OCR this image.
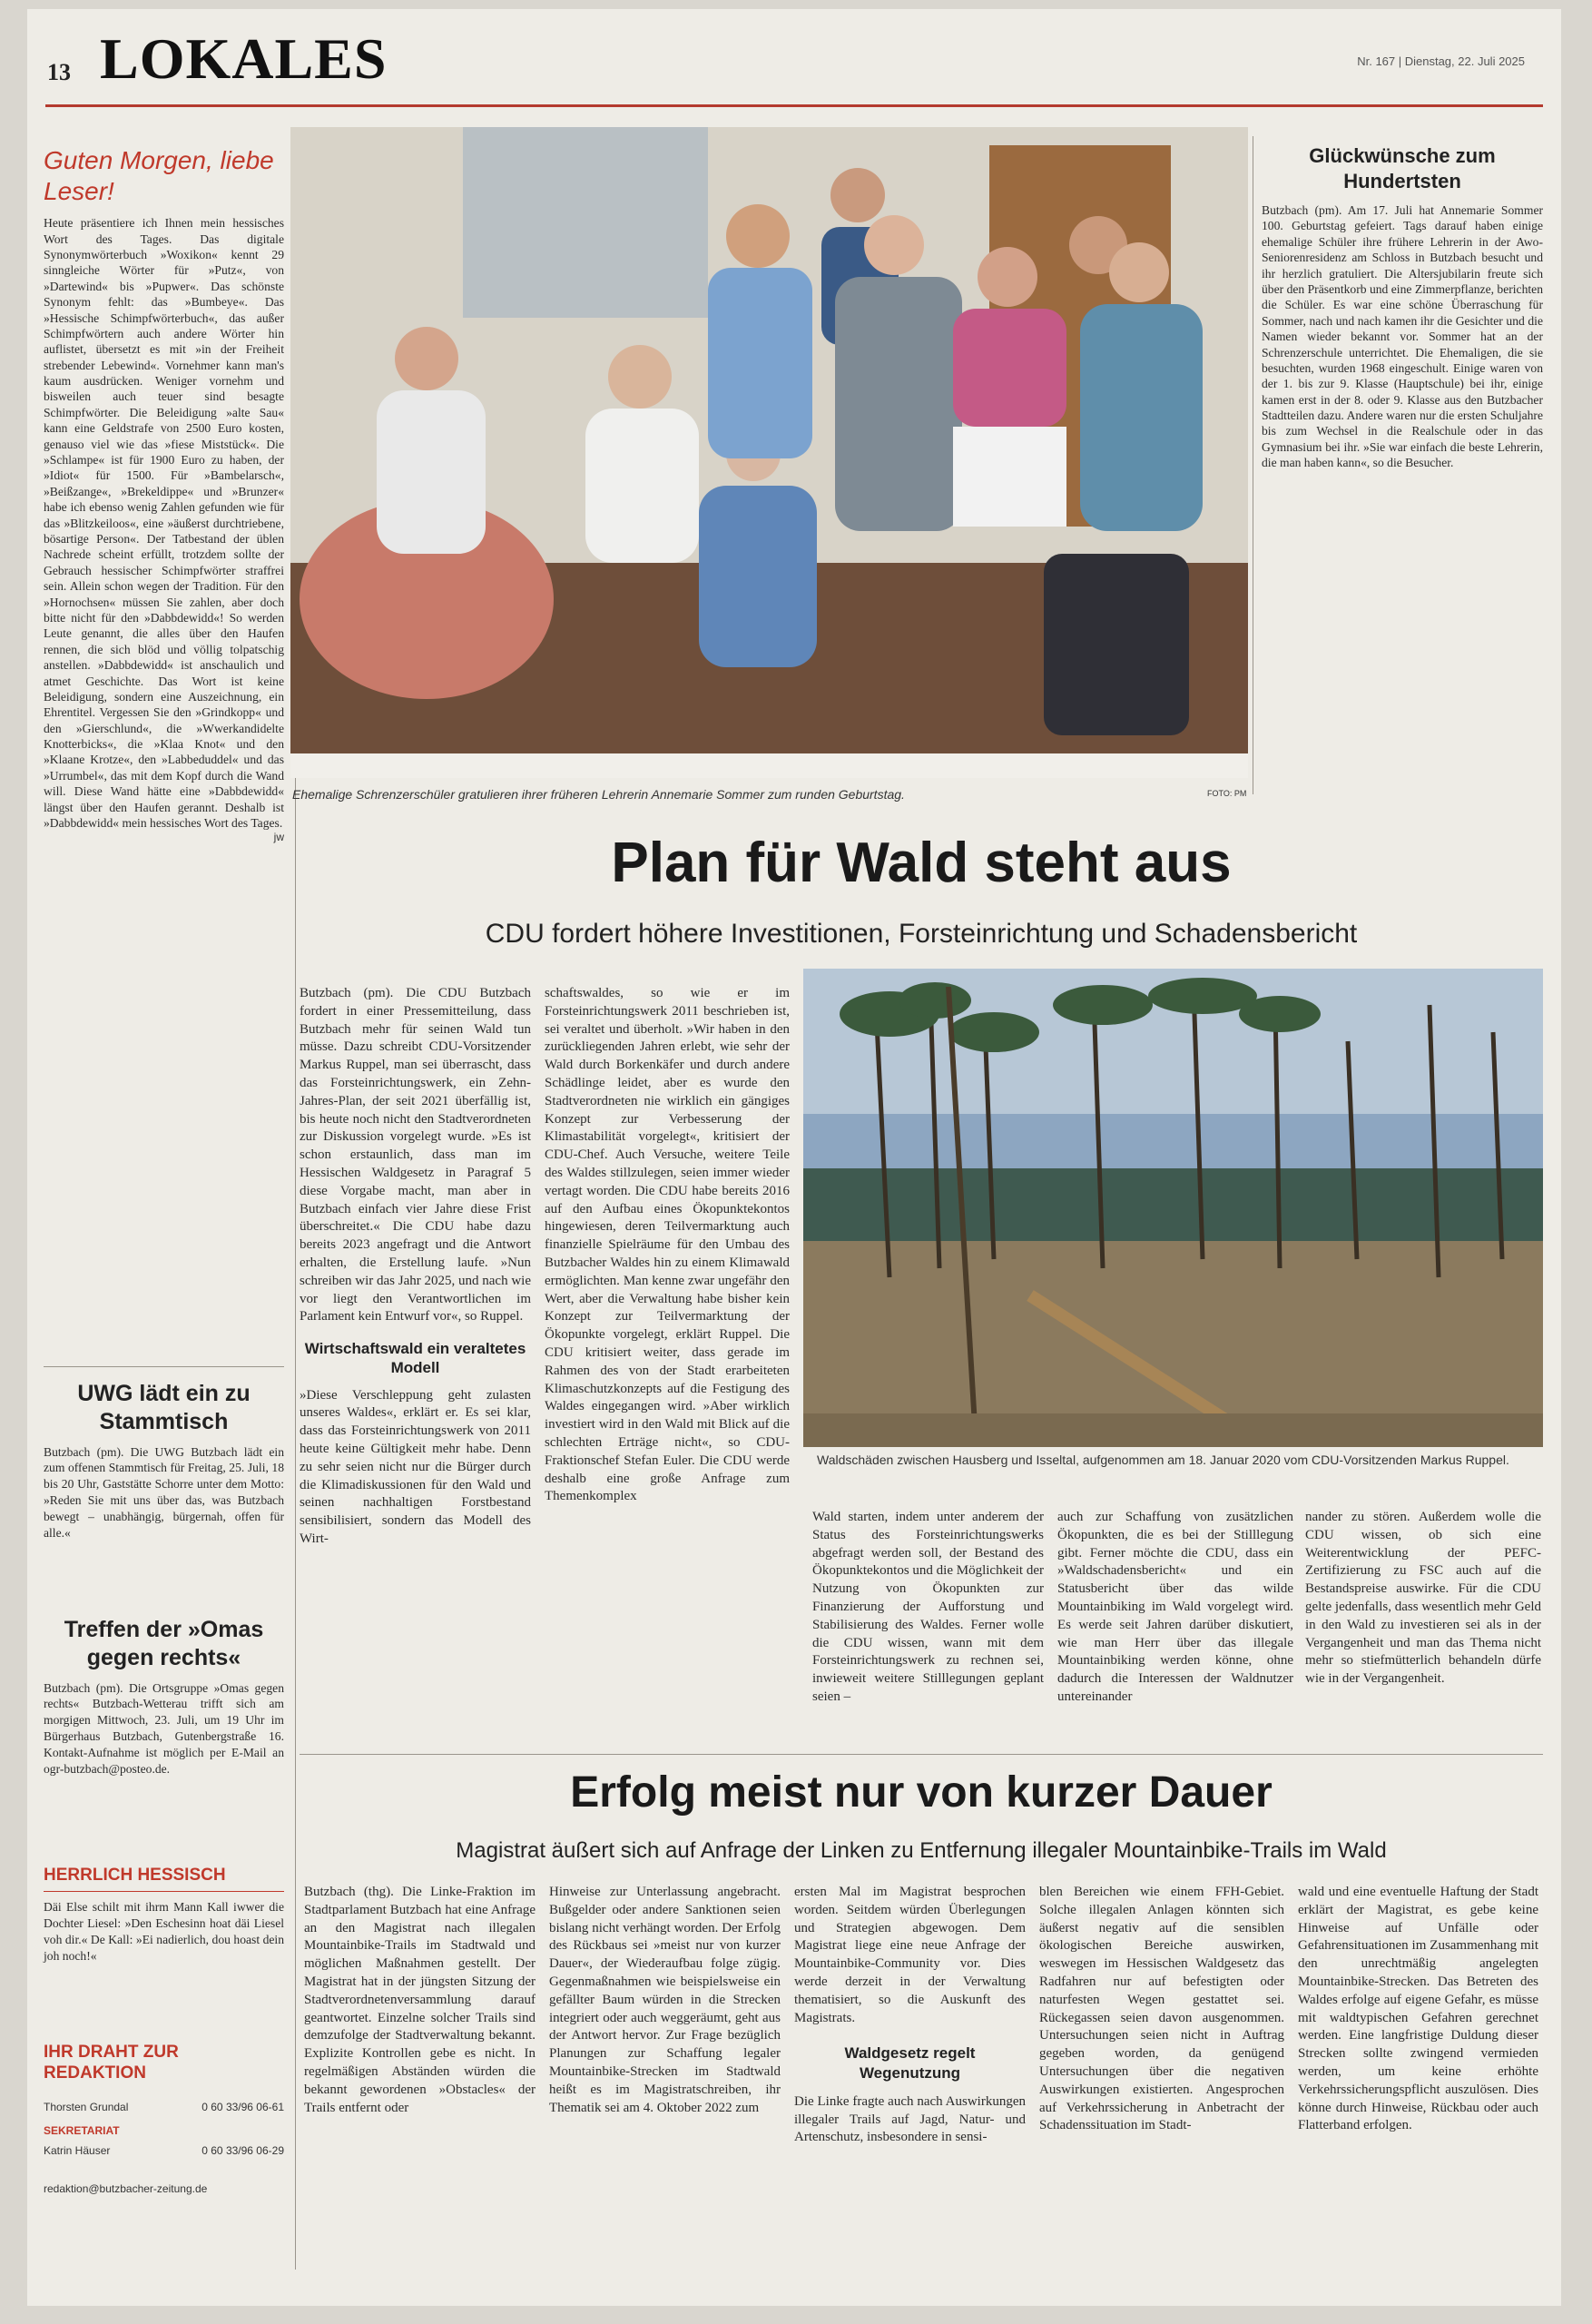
13 LOKALES	Nr. 167 | Dienstag, 22. Juli 2025
Guten Morgen, liebe Leser!

Heute präsentiere ich Ihnen mein hessisches Wort des Tages. Das digitale Synonymwörterbuch »Woxikon« kennt 29 sinngleiche Wörter für »Putz«, von »Dartewind« bis »Pupwer«. Das schönste Synonym fehlt: das »Bumbeye«. Das »Hessische Schimpfwörterbuch«, das außer Schimpfwörtern auch andere Wörter hin auflistet, übersetzt es mit »in der Freiheit strebender Lebewind«. Vornehmer kann man's kaum ausdrücken. Weniger vornehm und bisweilen auch teuer sind besagte Schimpfwörter. Die Beleidigung »alte Sau« kann eine Geldstrafe von 2500 Euro kosten, genauso viel wie das »fiese Miststück«. Die »Schlampe« ist für 1900 Euro zu haben, der »Idiot« für 1500. Für »Bambelarsch«, »Beißzange«, »Brekeldippe« und »Brunzer« habe ich ebenso wenig Zahlen gefunden wie für das »Blitzkeiloos«, eine »äußerst durchtriebene, bösartige Person«. Der Tatbestand der üblen Nachrede scheint erfüllt, trotzdem sollte der Gebrauch hessischer Schimpfwörter straffrei sein. Allein schon wegen der Tradition. Für den »Hornochsen« müssen Sie zahlen, aber doch bitte nicht für den »Dabbdewidd«! So werden Leute genannt, die alles über den Haufen rennen, die sich blöd und völlig tolpatschig anstellen. »Dabbdewidd« ist anschaulich und atmet Geschichte. Das Wort ist keine Beleidigung, sondern eine Auszeichnung, ein Ehrentitel. Vergessen Sie den »Grindkopp« und den »Gierschlund«, die »Wwerkandidelte Knotterbicks«, die »Klaa Knot« und den »Klaane Krotze«, den »Labbeduddel« und das »Urrumbel«, das mit dem Kopf durch die Wand will. Diese Wand hätte eine »Dabbdewidd« längst über den Haufen gerannt. Deshalb ist »Dabbdewidd« mein hessisches Wort des Tages.

jw
UWG lädt ein zu Stammtisch

Butzbach (pm). Die UWG Butzbach lädt ein zum offenen Stammtisch für Freitag, 25. Juli, 18 bis 20 Uhr, Gaststätte Schorre unter dem Motto: »Reden Sie mit uns über das, was Butzbach bewegt – unabhängig, bürgernah, offen für alle.«

Treffen der »Omas gegen rechts«

Butzbach (pm). Die Ortsgruppe »Omas gegen rechts« Butzbach-Wetterau trifft sich am morgigen Mittwoch, 23. Juli, um 19 Uhr im Bürgerhaus Butzbach, Gutenbergstraße 16. Kontakt-Aufnahme ist möglich per E-Mail an ogr-butzbach@posteo.de.

HERRLICH HESSISCH

Däi Else schilt mit ihrm Mann Kall iwwer die Dochter Liesel: »Den Eschesinn hoat däi Liesel voh dir.« De Kall: »Ei nadierlich, dou hoast dein joh noch!«

IHR DRAHT ZUR REDAKTION
Thorsten Grundal	0 60 33/96 06-61
SEKRETARIAT
Katrin Häuser	0 60 33/96 06-29
redaktion@butzbacher-zeitung.de
Ehemalige Schrenzerschüler gratulieren ihrer früheren Lehrerin Annemarie Sommer zum runden Geburtstag.	FOTO: PM
Glückwünsche zum Hundertsten

Butzbach (pm). Am 17. Juli hat Annemarie Sommer 100. Geburtstag gefeiert. Tags darauf haben einige ehemalige Schüler ihre frühere Lehrerin in der Awo-Seniorenresidenz am Schloss in Butzbach besucht und ihr herzlich gratuliert. Die Altersjubilarin freute sich über den Präsentkorb und eine Zimmerpflanze, berichten die Schüler. Es war eine schöne Überraschung für Sommer, nach und nach kamen ihr die Gesichter und die Namen wieder bekannt vor. Sommer hat an der Schrenzerschule unterrichtet. Die Ehemaligen, die sie besuchten, wurden 1968 eingeschult. Einige waren von der 1. bis zur 9. Klasse (Hauptschule) bei ihr, einige kamen erst in der 8. oder 9. Klasse aus den Butzbacher Stadtteilen dazu. Andere waren nur die ersten Schuljahre bis zum Wechsel in die Realschule oder in das Gymnasium bei ihr. »Sie war einfach die beste Lehrerin, die man haben kann«, so die Besucher.

Plan für Wald steht aus
CDU fordert höhere Investitionen, Forsteinrichtung und Schadensbericht

Butzbach (pm). Die CDU Butzbach fordert in einer Pressemitteilung, dass Butzbach mehr für seinen Wald tun müsse. Dazu schreibt CDU-Vorsitzender Markus Ruppel, man sei überrascht, dass das Forsteinrichtungswerk, ein Zehn-Jahres-Plan, der seit 2021 überfällig ist, bis heute noch nicht den Stadtverordneten zur Diskussion vorgelegt wurde. »Es ist schon erstaunlich, dass man im Hessischen Waldgesetz in Paragraf 5 diese Vorgabe macht, man aber in Butzbach einfach vier Jahre diese Frist überschreitet.« Die CDU habe dazu bereits 2023 angefragt und die Antwort erhalten, die Erstellung laufe. »Nun schreiben wir das Jahr 2025, und nach wie vor liegt den Verantwortlichen im Parlament kein Entwurf vor«, so Ruppel.

Wirtschaftswald ein veraltetes Modell

»Diese Verschleppung geht zulasten unseres Waldes«, erklärt er. Es sei klar, dass das Forsteinrichtungswerk von 2011 heute keine Gültigkeit mehr habe. Denn zu sehr seien nicht nur die Bürger durch die Klimadiskussionen für den Wald und seinen nachhaltigen Forstbestand sensibilisiert, sondern das Modell des Wirt-

schaftswaldes, so wie er im Forsteinrichtungswerk 2011 beschrieben ist, sei veraltet und überholt. »Wir haben in den zurückliegenden Jahren erlebt, wie sehr der Wald durch Borkenkäfer und durch andere Schädlinge leidet, aber es wurde den Stadtverordneten nie wirklich ein gängiges Konzept zur Verbesserung der Klimastabilität vorgelegt«, kritisiert der CDU-Chef. Auch Versuche, weitere Teile des Waldes stillzulegen, seien immer wieder vertagt worden. Die CDU habe bereits 2016 auf den Aufbau eines Ökopunktekontos hingewiesen, deren Teilvermarktung auch finanzielle Spielräume für den Umbau des Butzbacher Waldes hin zu einem Klimawald ermöglichten. Man kenne zwar ungefähr den Wert, aber die Verwaltung habe bisher kein Konzept zur Teilvermarktung der Ökopunkte vorgelegt, erklärt Ruppel. Die CDU kritisiert weiter, dass gerade im Rahmen des von der Stadt erarbeiteten Klimaschutzkonzepts auf die Festigung des Waldes eingegangen wird. »Aber wirklich investiert wird in den Wald mit Blick auf die schlechten Erträge nicht«, so CDU-Fraktionschef Stefan Euler. Die CDU werde deshalb eine große Anfrage zum Themenkomplex

Waldschäden zwischen Hausberg und Isseltal, aufgenommen am 18. Januar 2020 vom CDU-Vorsitzenden Markus Ruppel.

Wald starten, indem unter anderem der Status des Forsteinrichtungswerks abgefragt werden soll, der Bestand des Ökopunktekontos und die Möglichkeit der Nutzung von Ökopunkten zur Finanzierung der Aufforstung und Stabilisierung des Waldes. Ferner wolle die CDU wissen, wann mit dem Forsteinrichtungswerk zu rechnen sei, inwieweit weitere Stilllegungen geplant seien –

auch zur Schaffung von zusätzlichen Ökopunkten, die es bei der Stilllegung gibt. Ferner möchte die CDU, dass ein »Waldschadensbericht« und ein Statusbericht über das wilde Mountainbiking im Wald vorgelegt wird. Es werde seit Jahren darüber diskutiert, wie man Herr über das illegale Mountainbiking werden könne, ohne dadurch die Interessen der Waldnutzer untereinander

nander zu stören. Außerdem wolle die CDU wissen, ob sich eine Weiterentwicklung der PEFC-Zertifizierung zu FSC auch auf die Bestandspreise auswirke. Für die CDU gelte jedenfalls, dass wesentlich mehr Geld in den Wald zu investieren sei als in der Vergangenheit und man das Thema nicht mehr so stiefmütterlich behandeln dürfe wie in der Vergangenheit.

Erfolg meist nur von kurzer Dauer
Magistrat äußert sich auf Anfrage der Linken zu Entfernung illegaler Mountainbike-Trails im Wald

Butzbach (thg). Die Linke-Fraktion im Stadtparlament Butzbach hat eine Anfrage an den Magistrat nach illegalen Mountainbike-Trails im Stadtwald und möglichen Maßnahmen gestellt. Der Magistrat hat in der jüngsten Sitzung der Stadtverordnetenversammlung darauf geantwortet. Einzelne solcher Trails sind demzufolge der Stadtverwaltung bekannt. Explizite Kontrollen gebe es nicht. In regelmäßigen Abständen würden die bekannt gewordenen »Obstacles« der Trails entfernt oder

Hinweise zur Unterlassung angebracht. Bußgelder oder andere Sanktionen seien bislang nicht verhängt worden. Der Erfolg des Rückbaus sei »meist nur von kurzer Dauer«, der Wiederaufbau folge zügig. Gegenmaßnahmen wie beispielsweise ein gefällter Baum würden in die Strecken integriert oder auch weggeräumt, geht aus der Antwort hervor. Zur Frage bezüglich Planungen zur Schaffung legaler Mountainbike-Strecken im Stadtwald heißt es im Magistratschreiben, ihr Thematik sei am 4. Oktober 2022 zum

ersten Mal im Magistrat besprochen worden. Seitdem würden Überlegungen und Strategien abgewogen. Dem Magistrat liege eine neue Anfrage der Mountainbike-Community vor. Dies werde derzeit in der Verwaltung thematisiert, so die Auskunft des Magistrats.

Waldgesetz regelt Wegenutzung

Die Linke fragte auch nach Auswirkungen illegaler Trails auf Jagd, Natur- und Artenschutz, insbesondere in sensi-

blen Bereichen wie einem FFH-Gebiet. Solche illegalen Anlagen könnten sich äußerst negativ auf die sensiblen ökologischen Bereiche auswirken, weswegen im Hessischen Waldgesetz das Radfahren nur auf befestigten oder naturfesten Wegen gestattet sei. Rückegassen seien davon ausgenommen. Untersuchungen seien nicht in Auftrag gegeben worden, da genügend Untersuchungen über die negativen Auswirkungen existierten. Angesprochen auf Verkehrssicherung in Anbetracht der Schadenssituation im Stadt-

wald und eine eventuelle Haftung der Stadt erklärt der Magistrat, es gebe keine Hinweise auf Unfälle oder Gefahrensituationen im Zusammenhang mit den unrechtmäßig angelegten Mountainbike-Strecken. Das Betreten des Waldes erfolge auf eigene Gefahr, es müsse mit waldtypischen Gefahren gerechnet werden. Eine langfristige Duldung dieser Strecken sollte zwingend vermieden werden, um keine erhöhte Verkehrssicherungspflicht auszulösen. Dies könne durch Hinweise, Rückbau oder auch Flatterband erfolgen.
